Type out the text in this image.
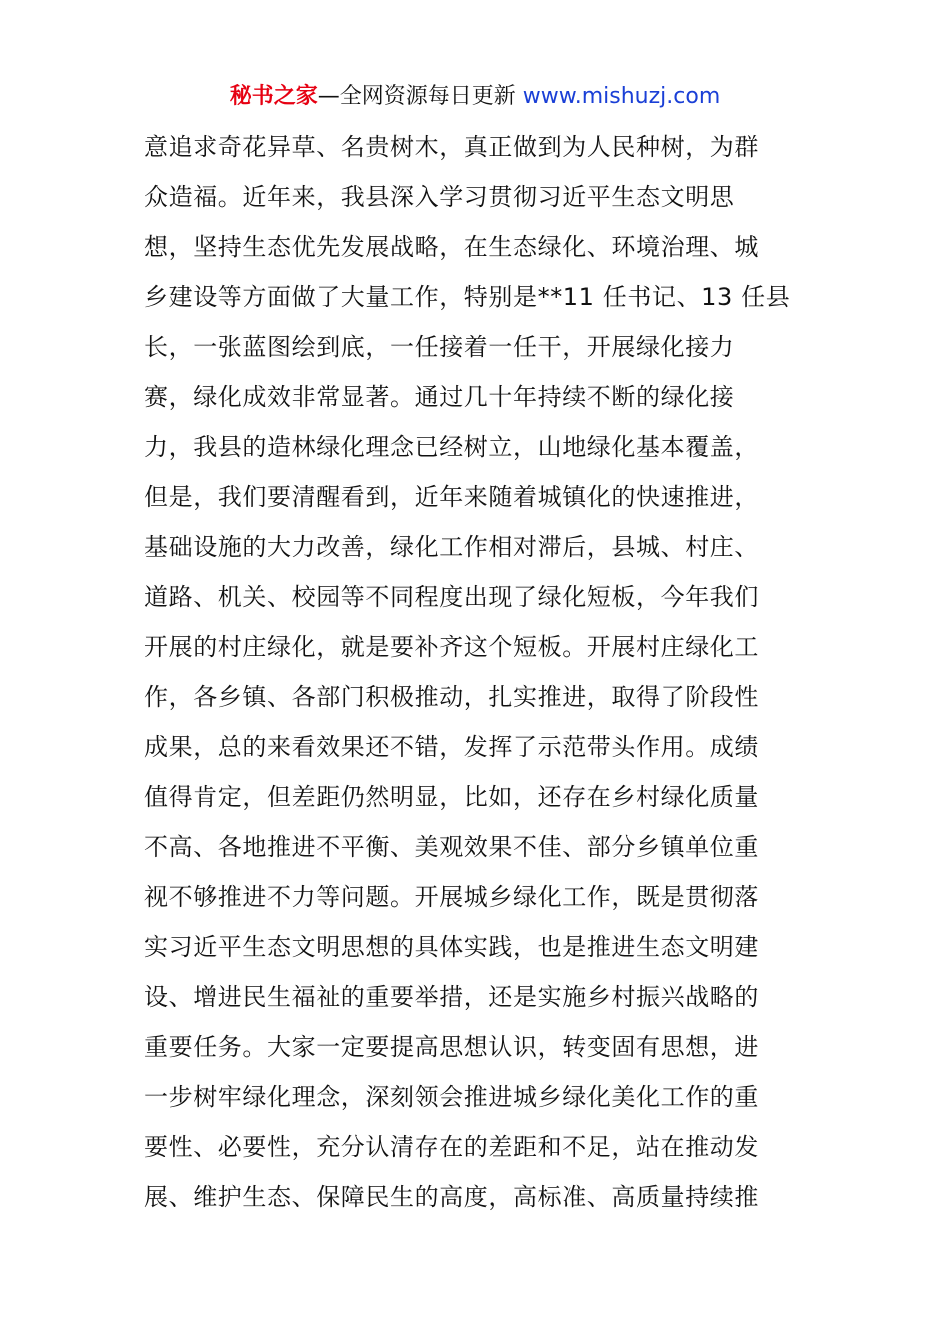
秘书之家—全网资源每日更新 www.mishuzj.com
意追求奇花异草、名贵树木，真正做到为人民种树，为群
众造福。近年来，我县深入学习贯彻习近平生态文明思
想，坚持生态优先发展战略，在生态绿化、环境治理、城
乡建设等方面做了大量工作，特别是**11 任书记、13 任县
长，一张蓝图绘到底，一任接着一任干，开展绿化接力
赛，绿化成效非常显著。通过几十年持续不断的绿化接
力，我县的造林绿化理念已经树立，山地绿化基本覆盖，
但是，我们要清醒看到，近年来随着城镇化的快速推进，
基础设施的大力改善，绿化工作相对滞后，县城、村庄、
道路、机关、校园等不同程度出现了绿化短板，今年我们
开展的村庄绿化，就是要补齐这个短板。开展村庄绿化工
作，各乡镇、各部门积极推动，扎实推进，取得了阶段性
成果，总的来看效果还不错，发挥了示范带头作用。成绩
值得肯定，但差距仍然明显，比如，还存在乡村绿化质量
不高、各地推进不平衡、美观效果不佳、部分乡镇单位重
视不够推进不力等问题。开展城乡绿化工作，既是贯彻落
实习近平生态文明思想的具体实践，也是推进生态文明建
设、增进民生福祉的重要举措，还是实施乡村振兴战略的
重要任务。大家一定要提高思想认识，转变固有思想，进
一步树牢绿化理念，深刻领会推进城乡绿化美化工作的重
要性、必要性，充分认清存在的差距和不足，站在推动发
展、维护生态、保障民生的高度，高标准、高质量持续推
